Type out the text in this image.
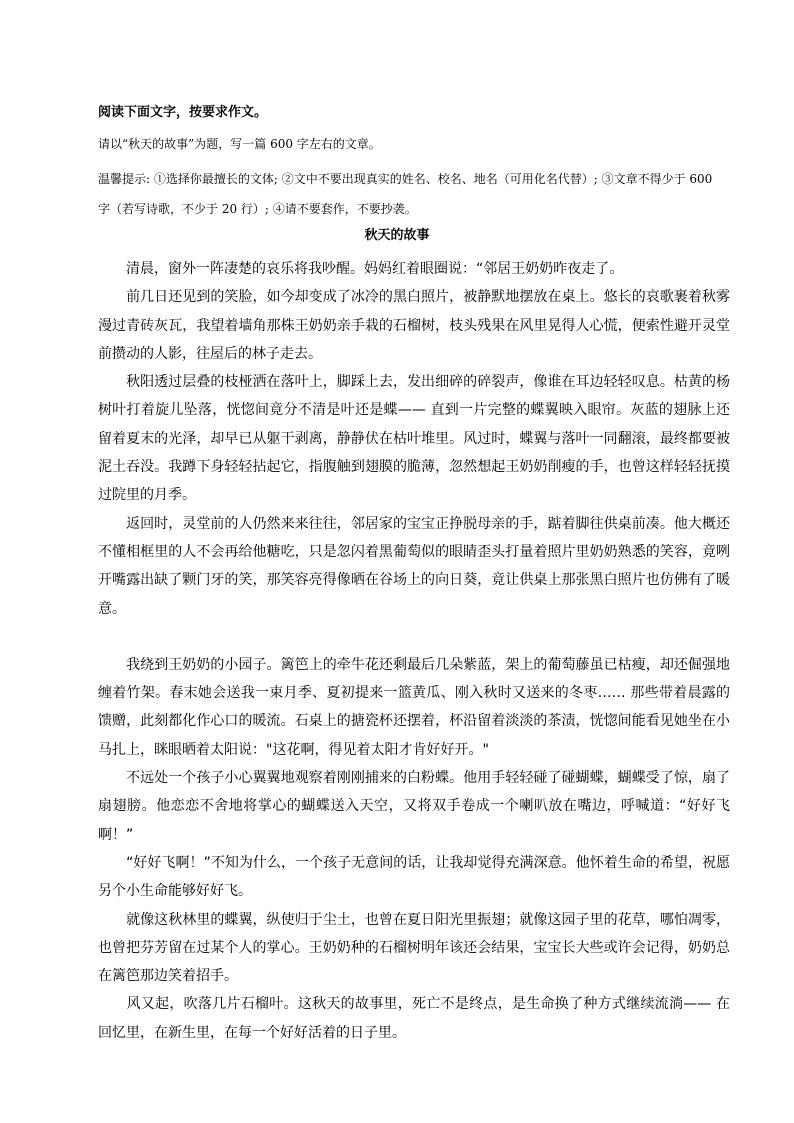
阅读下面文字，按要求作文。
请以“秋天的故事”为题，写一篇 600 字左右的文章。
温馨提示: ①选择你最擅长的文体; ②文中不要出现真实的姓名、校名、地名（可用化名代替）; ③文章不得少于 600 字（若写诗歌，不少于 20 行）; ④请不要套作，不要抄袭。
秋天的故事

　　清晨，窗外一阵凄楚的哀乐将我吵醒。妈妈红着眼圈说：“邻居王奶奶昨夜走了。

　　前几日还见到的笑脸，如今却变成了冰冷的黑白照片，被静默地摆放在桌上。悠长的哀歌裹着秋雾漫过青砖灰瓦，我望着墙角那株王奶奶亲手栽的石榴树，枝头残果在风里晃得人心慌，便索性避开灵堂前攒动的人影，往屋后的林子走去。

　　秋阳透过层叠的枝桠洒在落叶上，脚踩上去，发出细碎的碎裂声，像谁在耳边轻轻叹息。枯黄的杨树叶打着旋儿坠落，恍惚间竟分不清是叶还是蝶—— 直到一片完整的蝶翼映入眼帘。灰蓝的翅脉上还留着夏末的光泽，却早已从躯干剥离，静静伏在枯叶堆里。风过时，蝶翼与落叶一同翻滚，最终都要被泥土吞没。我蹲下身轻轻拈起它，指腹触到翅膜的脆薄，忽然想起王奶奶削瘦的手，也曾这样轻轻抚摸过院里的月季。

　　返回时，灵堂前的人仍然来来往往，邻居家的宝宝正挣脱母亲的手，踮着脚往供桌前凑。他大概还不懂相框里的人不会再给他糖吃，只是忽闪着黑葡萄似的眼睛歪头打量着照片里奶奶熟悉的笑容，竟咧开嘴露出缺了颗门牙的笑，那笑容亮得像晒在谷场上的向日葵，竟让供桌上那张黑白照片也仿佛有了暖意。

　　我绕到王奶奶的小园子。篱笆上的牵牛花还剩最后几朵紫蓝，架上的葡萄藤虽已枯瘦，却还倔强地缠着竹架。春末她会送我一束月季、夏初提来一篮黄瓜、刚入秋时又送来的冬枣…… 那些带着晨露的馈赠，此刻都化作心口的暖流。石桌上的搪瓷杯还摆着，杯沿留着淡淡的茶渍，恍惚间能看见她坐在小马扎上，眯眼晒着太阳说："这花啊，得见着太阳才肯好好开。"

　　不远处一个孩子小心翼翼地观察着刚刚捕来的白粉蝶。他用手轻轻碰了碰蝴蝶，蝴蝶受了惊，扇了扇翅膀。他恋恋不舍地将掌心的蝴蝶送入天空，又将双手卷成一个喇叭放在嘴边，呼喊道：“好好飞啊！”

　　“好好飞啊！”不知为什么，一个孩子无意间的话，让我却觉得充满深意。他怀着生命的希望，祝愿另个小生命能够好好飞。

　　就像这秋林里的蝶翼，纵使归于尘土，也曾在夏日阳光里振翅；就像这园子里的花草，哪怕凋零，也曾把芬芳留在过某个人的掌心。王奶奶种的石榴树明年该还会结果，宝宝长大些或许会记得，奶奶总在篱笆那边笑着招手。

　　风又起，吹落几片石榴叶。这秋天的故事里，死亡不是终点，是生命换了种方式继续流淌—— 在回忆里，在新生里，在每一个好好活着的日子里。
